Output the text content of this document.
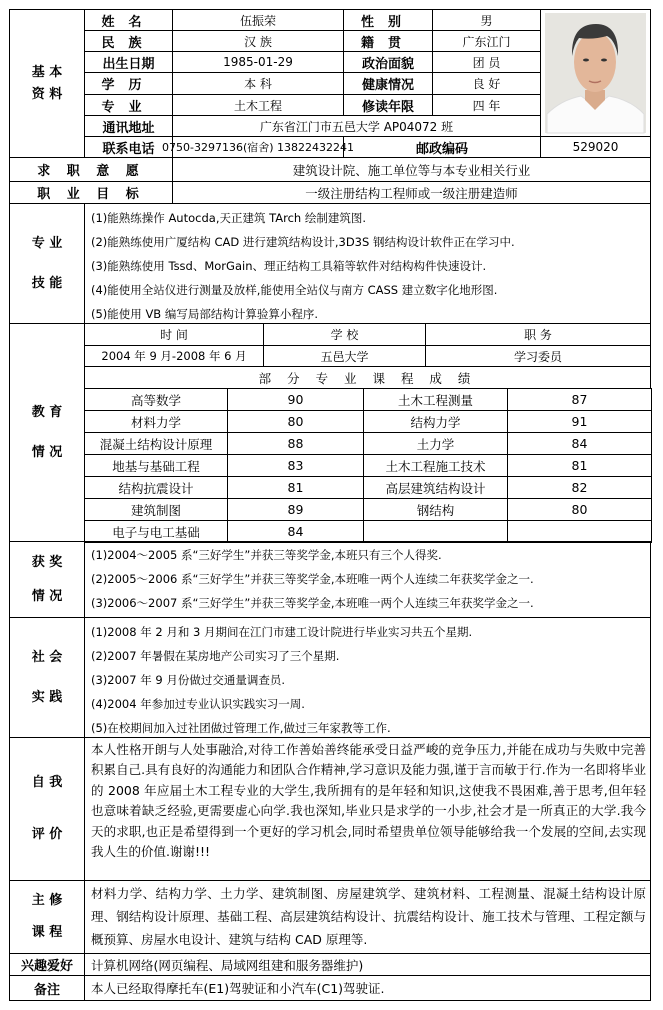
基 本
资 料
姓名	伍振荣	性别	男
民族	汉 族	籍贯	广东江门
出生日期	1985-01-29	政治面貌	团 员
学历	本 科	健康情况	良 好
专业	土木工程	修读年限	四 年
通讯地址	广东省江门市五邑大学 AP04072 班
联系电话 0750-3297136(宿舍) 13822432241	邮政编码	529020
求 职 意 愿	建筑设计院、施工单位等与本专业相关行业
职 业 目 标	一级注册结构工程师或一级注册建造师
专 业
技 能
(1)能熟练操作 Autocda,天正建筑 TArch 绘制建筑图.
(2)能熟练使用广厦结构 CAD 进行建筑结构设计,3D3S 钢结构设计软件正在学习中.
(3)能熟练使用 Tssd、MorGain、理正结构工具箱等软件对结构构件快速设计.
(4)能使用全站仪进行测量及放样,能使用全站仪与南方 CASS 建立数字化地形图.
(5)能使用 VB 编写局部结构计算验算小程序.
教 育
情 况
时 间	学 校	职 务
2004 年 9 月-2008 年 6 月	五邑大学	学习委员
部 分 专 业 课 程 成 绩
获 奖
情 况
(1)2004～2005 系“三好学生”并获三等奖学金,本班只有三个人得奖.
(2)2005～2006 系“三好学生”并获三等奖学金,本班唯一两个人连续二年获奖学金之一.
(3)2006～2007 系“三好学生”并获三等奖学金,本班唯一两个人连续三年获奖学金之一.
社 会
实 践
(1)2008 年 2 月和 3 月期间在江门市建工设计院进行毕业实习共五个星期.
(2)2007 年暑假在某房地产公司实习了三个星期.
(3)2007 年 9 月份做过交通量调查员.
(4)2004 年参加过专业认识实践实习一周.
(5)在校期间加入过社团做过管理工作,做过三年家教等工作.
自 我
评 价
本人性格开朗与人处事融洽,对待工作善始善终能承受日益严峻的竞争压力,并能在成功与失败中完善积累自己.具有良好的沟通能力和团队合作精神,学习意识及能力强,谨于言而敏于行.作为一名即将毕业的 2008 年应届土木工程专业的大学生,我所拥有的是年轻和知识,这使我不畏困难,善于思考,但年轻也意味着缺乏经验,更需要虚心向学.我也深知,毕业只是求学的一小步,社会才是一所真正的大学.我今天的求职,也正是希望得到一个更好的学习机会,同时希望贵单位领导能够给我一个发展的空间,去实现我人生的价值.谢谢!!!
主 修
课 程
材料力学、结构力学、土力学、建筑制图、房屋建筑学、建筑材料、工程测量、混凝土结构设计原理、钢结构设计原理、基础工程、高层建筑结构设计、抗震结构设计、施工技术与管理、工程定额与概预算、房屋水电设计、建筑与结构 CAD 原理等.
兴趣爱好	计算机网络(网页编程、局域网组建和服务器维护)
备注	本人已经取得摩托车(E1)驾驶证和小汽车(C1)驾驶证.
高等数学	90	土木工程测量	87
材料力学	80	结构力学	91
混凝土结构设计原理	88	土力学	84
地基与基础工程	83	土木工程施工技术	81
结构抗震设计	81	高层建筑结构设计	82
建筑制图	89	钢结构	80
电子与电工基础	84
